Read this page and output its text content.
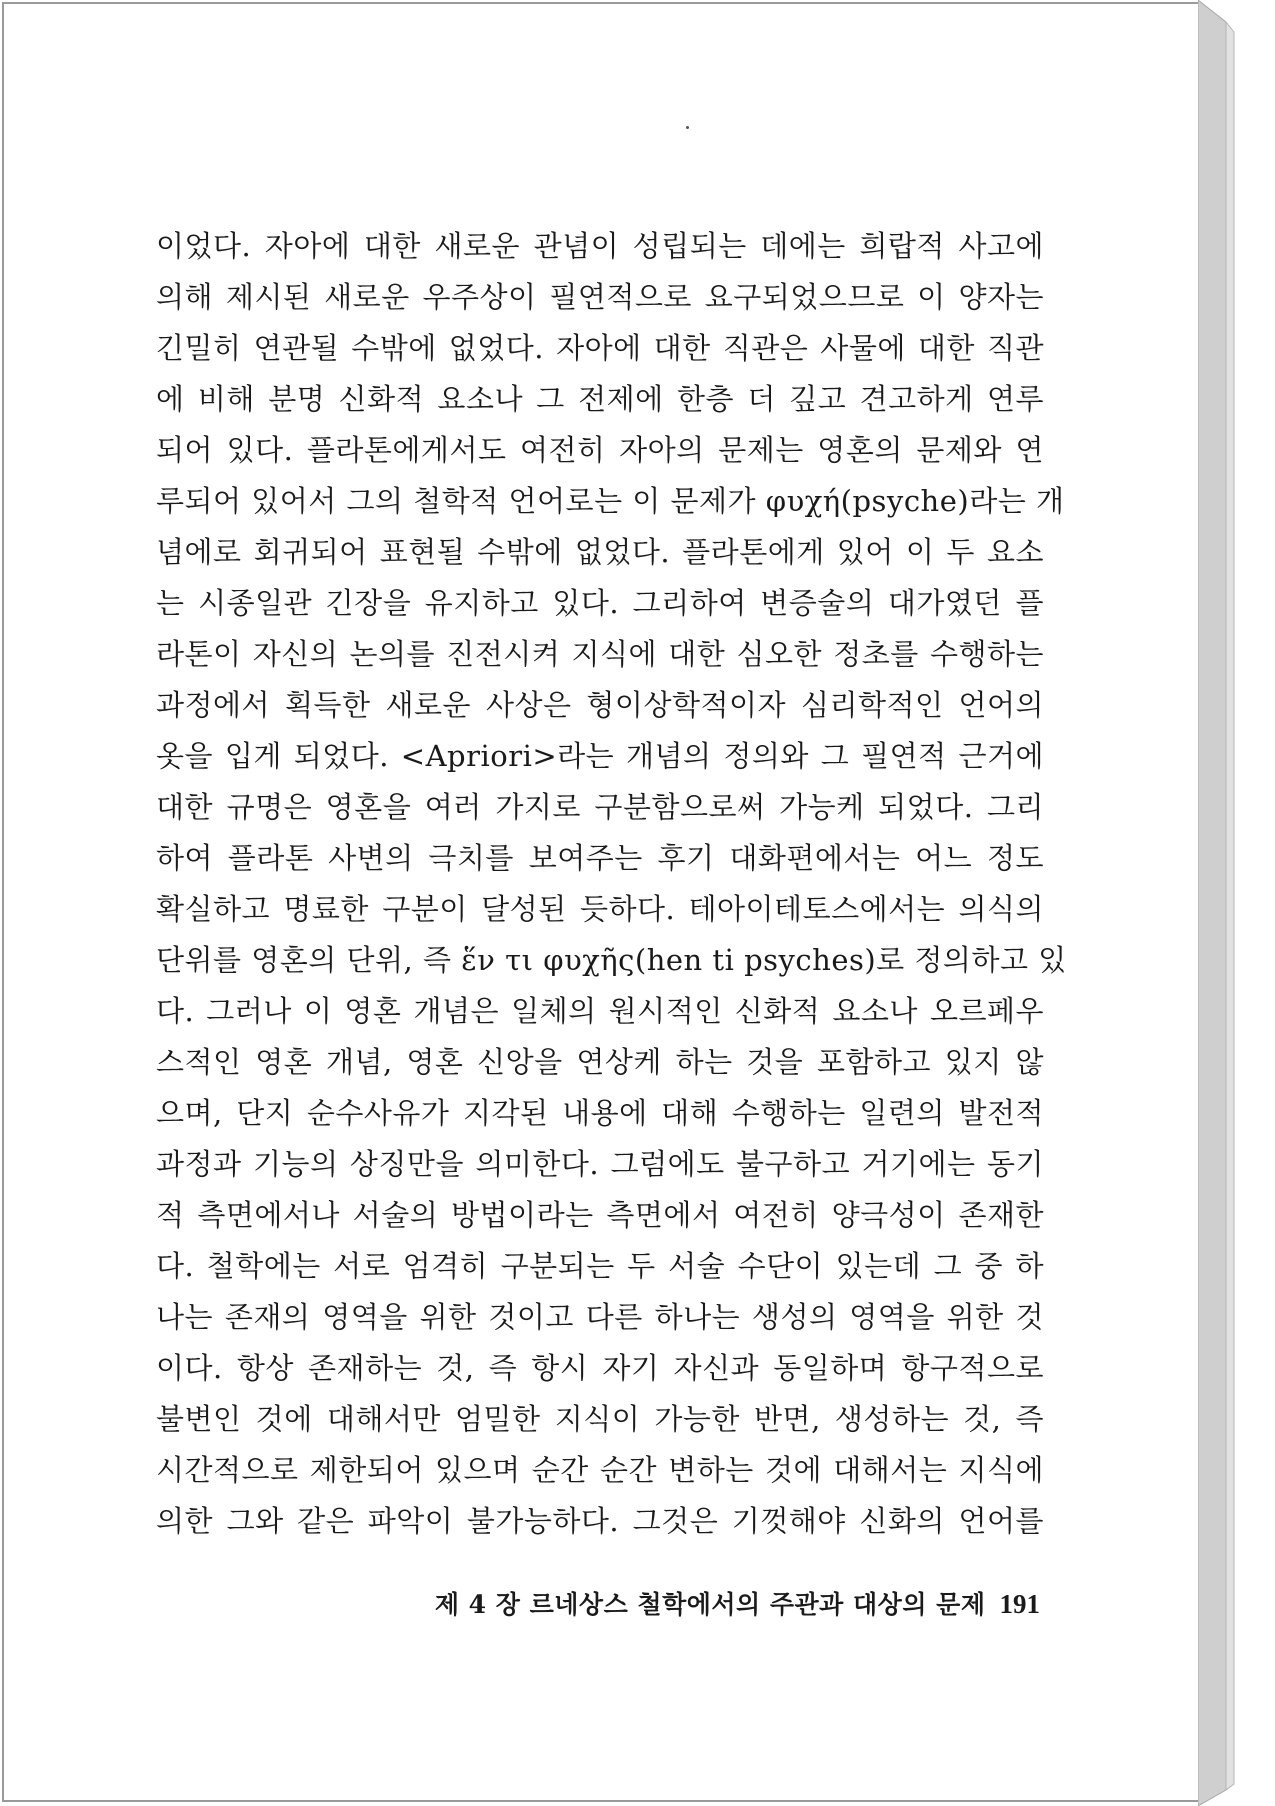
이었다. 자아에 대한 새로운 관념이 성립되는 데에는 희랍적 사고에
의해 제시된 새로운 우주상이 필연적으로 요구되었으므로 이 양자는
긴밀히 연관될 수밖에 없었다. 자아에 대한 직관은 사물에 대한 직관
에 비해 분명 신화적 요소나 그 전제에 한층 더 깊고 견고하게 연루
되어 있다. 플라톤에게서도 여전히 자아의 문제는 영혼의 문제와 연
루되어 있어서 그의 철학적 언어로는 이 문제가 φυχή(psyche)라는 개
념에로 회귀되어 표현될 수밖에 없었다. 플라톤에게 있어 이 두 요소
는 시종일관 긴장을 유지하고 있다. 그리하여 변증술의 대가였던 플
라톤이 자신의 논의를 진전시켜 지식에 대한 심오한 정초를 수행하는
과정에서 획득한 새로운 사상은 형이상학적이자 심리학적인 언어의
옷을 입게 되었다. <Apriori>라는 개념의 정의와 그 필연적 근거에
대한 규명은 영혼을 여러 가지로 구분함으로써 가능케 되었다. 그리
하여 플라톤 사변의 극치를 보여주는 후기 대화편에서는 어느 정도
확실하고 명료한 구분이 달성된 듯하다. 테아이테토스에서는 의식의
단위를 영혼의 단위, 즉 ἕν τι φυχῆς(hen ti psyches)로 정의하고 있
다. 그러나 이 영혼 개념은 일체의 원시적인 신화적 요소나 오르페우
스적인 영혼 개념, 영혼 신앙을 연상케 하는 것을 포함하고 있지 않
으며, 단지 순수사유가 지각된 내용에 대해 수행하는 일련의 발전적
과정과 기능의 상징만을 의미한다. 그럼에도 불구하고 거기에는 동기
적 측면에서나 서술의 방법이라는 측면에서 여전히 양극성이 존재한
다. 철학에는 서로 엄격히 구분되는 두 서술 수단이 있는데 그 중 하
나는 존재의 영역을 위한 것이고 다른 하나는 생성의 영역을 위한 것
이다. 항상 존재하는 것, 즉 항시 자기 자신과 동일하며 항구적으로
불변인 것에 대해서만 엄밀한 지식이 가능한 반면, 생성하는 것, 즉
시간적으로 제한되어 있으며 순간 순간 변하는 것에 대해서는 지식에
의한 그와 같은 파악이 불가능하다. 그것은 기껏해야 신화의 언어를
제 4 장 르네상스 철학에서의 주관과 대상의 문제 191
